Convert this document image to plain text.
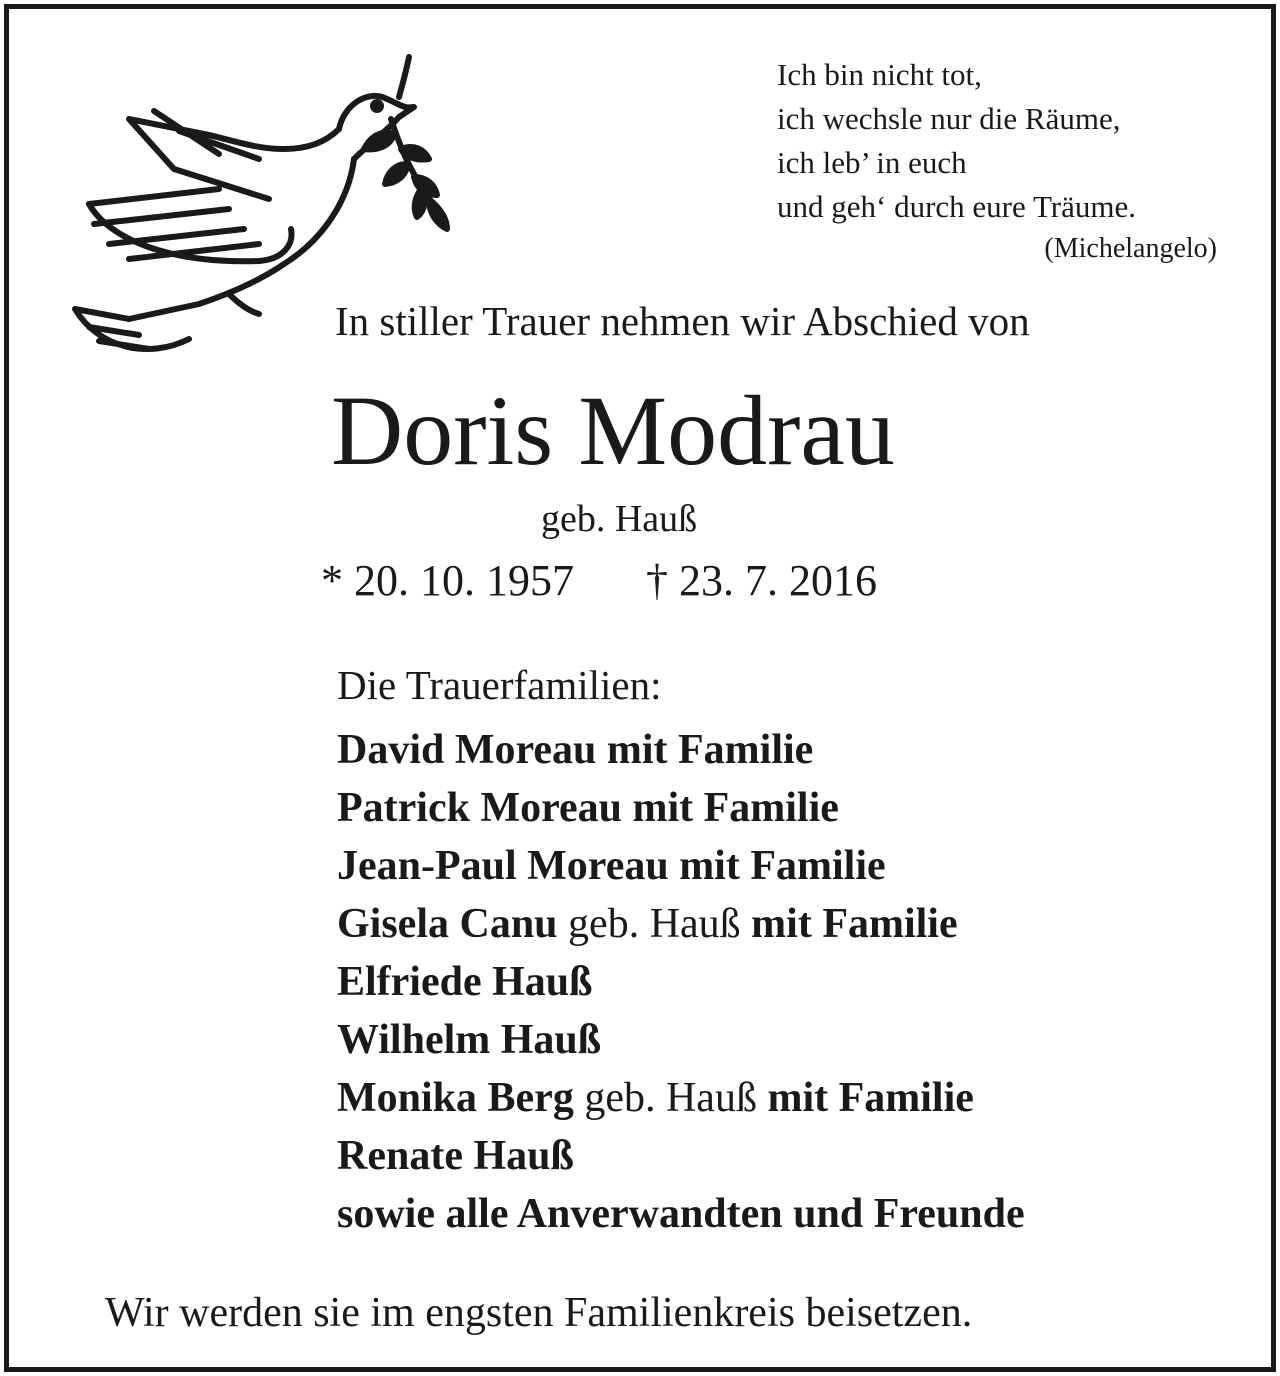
Ich bin nicht tot,
ich wechsle nur die Räume,
ich leb’ in euch
und geh‘ durch eure Träume.
(Michelangelo)
In stiller Trauer nehmen wir Abschied von
Doris Modrau
geb. Hauß
* 20. 10. 1957 † 23. 7. 2016
Die Trauerfamilien:
David Moreau mit Familie
Patrick Moreau mit Familie
Jean-Paul Moreau mit Familie
Gisela Canu geb. Hauß mit Familie
Elfriede Hauß
Wilhelm Hauß
Monika Berg geb. Hauß mit Familie
Renate Hauß
sowie alle Anverwandten und Freunde
Wir werden sie im engsten Familienkreis beisetzen.
